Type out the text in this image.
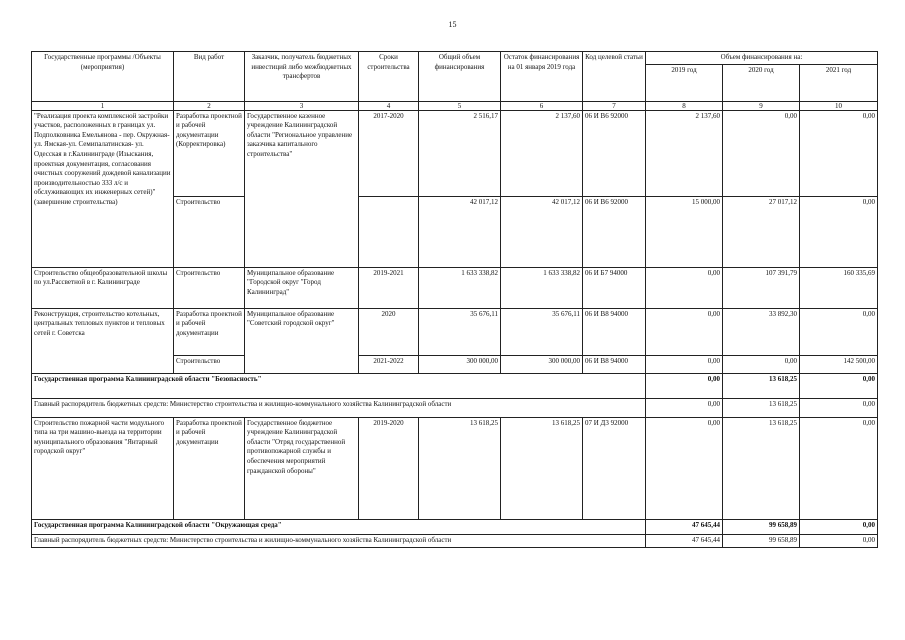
15
Государственные программы /Объекты (мероприятия)	Вид работ	Заказчик, получатель бюджетных инвестиций либо межбюджетных трансфертов	Сроки строительства	Общий объем финансирования	Остаток финансирования на 01 января 2019 года	Код целевой статьи	Объем финансирования на:		
							2019 год	2020 год	2021 год
1	2	3	4	5	6	7	8	9	10
"Реализация проекта комплексной застройки участков, расположенных в границах ул. Подполковника Емельянова - пер. Окружная-ул. Ямская-ул. Семипалатинская- ул. Одесская в г.Калининграде (Изыскания, проектная документация, согласования очистных сооружений дождевой канализации производительностью 333 л/с и обслуживающих их инженерных сетей)"(завершение строительства)	Разработка проектной и рабочей документации (Корректировка)	Государственное казенное учреждение Калининградской области "Региональное управление заказчика капитального строительства"	2017-2020	2 516,17	2 137,60	06 И В6 92000	2 137,60	0,00	0,00
	Строительство			42 017,12	42 017,12	06 И В6 92000	15 000,00	27 017,12	0,00
Строительство общеобразовательной школы по ул.Рассветной в г. Калининграде	Строительство	Муниципальное образование "Городской округ "Город Калининград"	2019-2021	1 633 338,82	1 633 338,82	06 И Б7 94000	0,00	107 391,79	160 335,69
Реконструкция, строительство котельных, центральных тепловых пунктов и тепловых сетей г. Советска	Разработка проектной и рабочей документации	Муниципальное образование "Советский городской округ"	2020	35 676,11	35 676,11	06 И В8 94000	0,00	33 892,30	0,00
	Строительство		2021-2022	300 000,00	300 000,00	06 И В8 94000	0,00	0,00	142 500,00
Государственная программа Калининградской области "Безопасность"							0,00	13 618,25	0,00
Главный распорядитель бюджетных средств: Министерство строительства и жилищно-коммунального хозяйства Калининградской области							0,00	13 618,25	0,00
Строительство пожарной части модульного типа на три машино-выезда на территории муниципального образования "Янтарный городской округ"	Разработка проектной и рабочей документации	Государственное бюджетное учреждение Калининградской области "Отряд государственной противопожарной службы и обеспечения мероприятий гражданской обороны"	2019-2020	13 618,25	13 618,25	07 И Д3 92000	0,00	13 618,25	0,00
Государственная программа Калининградской области "Окружающая среда"							47 645,44	99 658,89	0,00
Главный распорядитель бюджетных средств: Министерство строительства и жилищно-коммунального хозяйства Калининградской области							47 645,44	99 658,89	0,00
